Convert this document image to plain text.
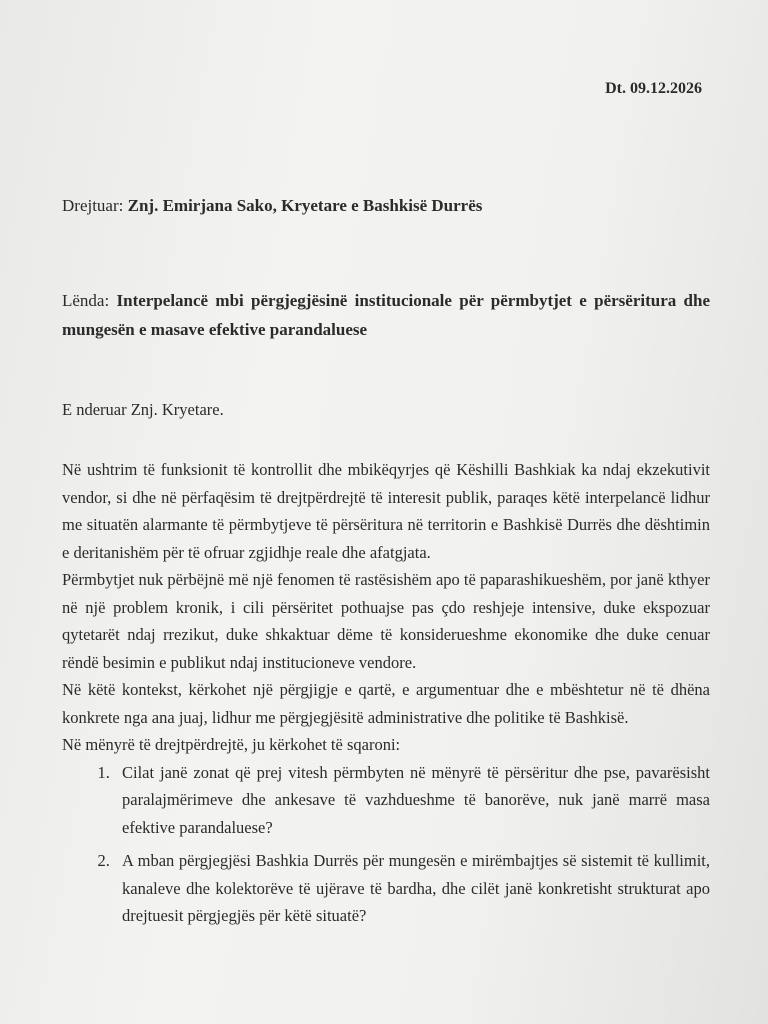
Dt. 09.12.2026
Drejtuar: Znj. Emirjana Sako, Kryetare e Bashkisë Durrës
Lënda: Interpelancë mbi përgjegjësinë institucionale për përmbytjet e përsëritura dhe mungesën e masave efektive parandaluese
E nderuar Znj. Kryetare.

Në ushtrim të funksionit të kontrollit dhe mbikëqyrjes që Këshilli Bashkiak ka ndaj ekzekutivit vendor, si dhe në përfaqësim të drejtpërdrejtë të interesit publik, paraqes këtë interpelancë lidhur me situatën alarmante të përmbytjeve të përsëritura në territorin e Bashkisë Durrës dhe dështimin e deritanishëm për të ofruar zgjidhje reale dhe afatgjata.

Përmbytjet nuk përbëjnë më një fenomen të rastësishëm apo të paparashikueshëm, por janë kthyer në një problem kronik, i cili përsëritet pothuajse pas çdo reshjeje intensive, duke ekspozuar qytetarët ndaj rrezikut, duke shkaktuar dëme të konsiderueshme ekonomike dhe duke cenuar rëndë besimin e publikut ndaj institucioneve vendore.

Në këtë kontekst, kërkohet një përgjigje e qartë, e argumentuar dhe e mbështetur në të dhëna konkrete nga ana juaj, lidhur me përgjegjësitë administrative dhe politike të Bashkisë.

Në mënyrë të drejtpërdrejtë, ju kërkohet të sqaroni:

1. Cilat janë zonat që prej vitesh përmbyten në mënyrë të përsëritur dhe pse, pavarësisht paralajmërimeve dhe ankesave të vazhdueshme të banorëve, nuk janë marrë masa efektive parandaluese?
2. A mban përgjegjësi Bashkia Durrës për mungesën e mirëmbajtjes së sistemit të kullimit, kanaleve dhe kolektorëve të ujërave të bardha, dhe cilët janë konkretisht strukturat apo drejtuesit përgjegjës për këtë situatë?
